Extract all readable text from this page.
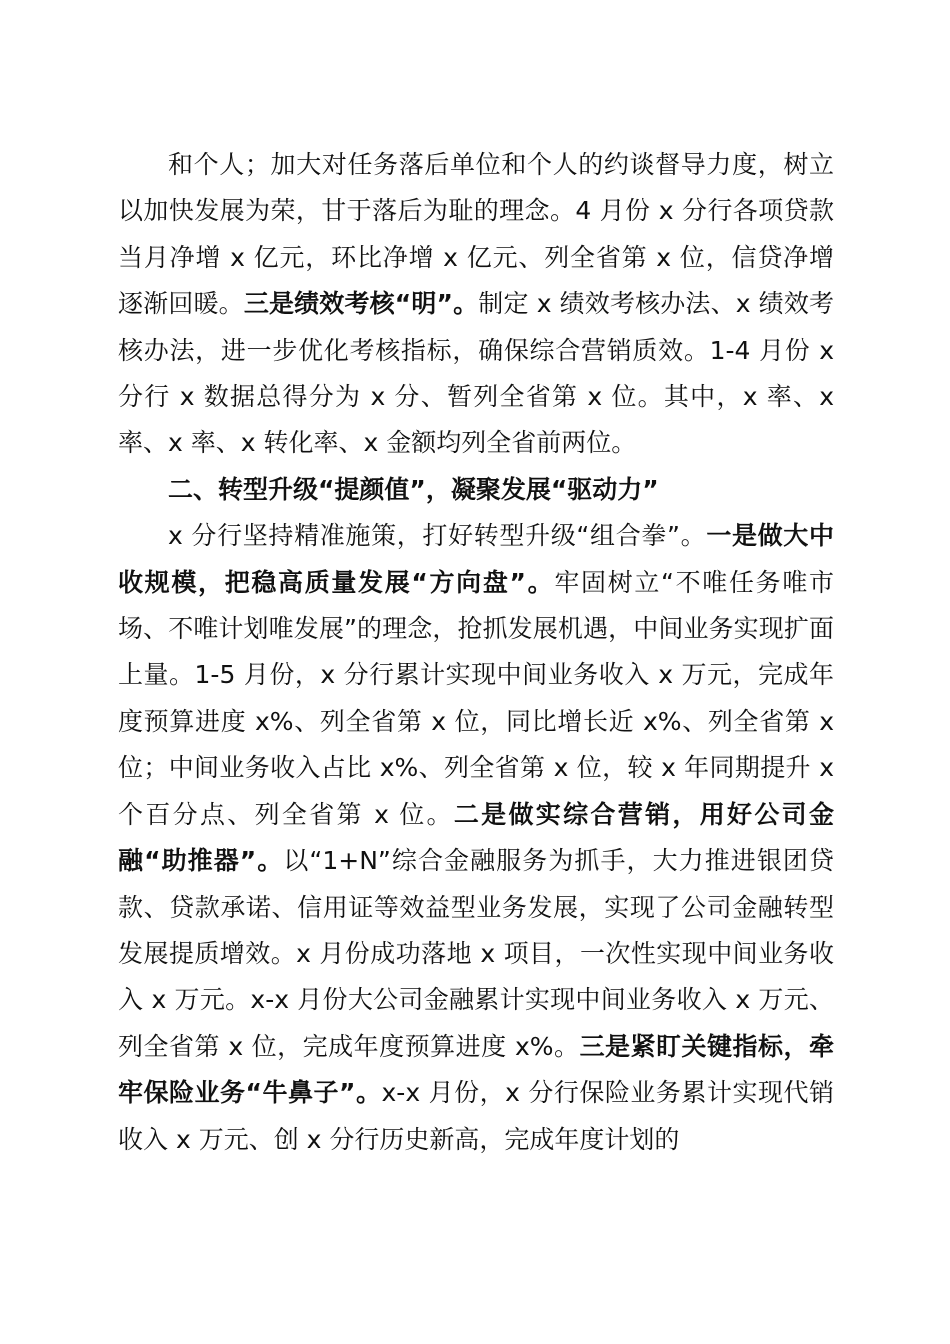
和个人；加大对任务落后单位和个人的约谈督导力度，树立以加快发展为荣，甘于落后为耻的理念。4 月份 x 分行各项贷款当月净增 x 亿元，环比净增 x 亿元、列全省第 x 位，信贷净增逐渐回暖。三是绩效考核“明”。制定 x 绩效考核办法、x 绩效考核办法，进一步优化考核指标，确保综合营销质效。1-4 月份 x 分行 x 数据总得分为 x 分、暂列全省第 x 位。其中，x 率、x 率、x 率、x 转化率、x 金额均列全省前两位。

二、转型升级“提颜值”，凝聚发展“驱动力”

x 分行坚持精准施策，打好转型升级“组合拳”。一是做大中收规模，把稳高质量发展“方向盘”。牢固树立“不唯任务唯市场、不唯计划唯发展”的理念，抢抓发展机遇，中间业务实现扩面上量。1-5 月份，x 分行累计实现中间业务收入 x 万元，完成年度预算进度 x%、列全省第 x 位，同比增长近 x%、列全省第 x 位；中间业务收入占比 x%、列全省第 x 位，较 x 年同期提升 x 个百分点、列全省第 x 位。二是做实综合营销，用好公司金融“助推器”。以“1+N”综合金融服务为抓手，大力推进银团贷款、贷款承诺、信用证等效益型业务发展，实现了公司金融转型发展提质增效。x 月份成功落地 x 项目，一次性实现中间业务收入 x 万元。x-x 月份大公司金融累计实现中间业务收入 x 万元、列全省第 x 位，完成年度预算进度 x%。三是紧盯关键指标，牵牢保险业务“牛鼻子”。x-x 月份，x 分行保险业务累计实现代销收入 x 万元、创 x 分行历史新高，完成年度计划的
